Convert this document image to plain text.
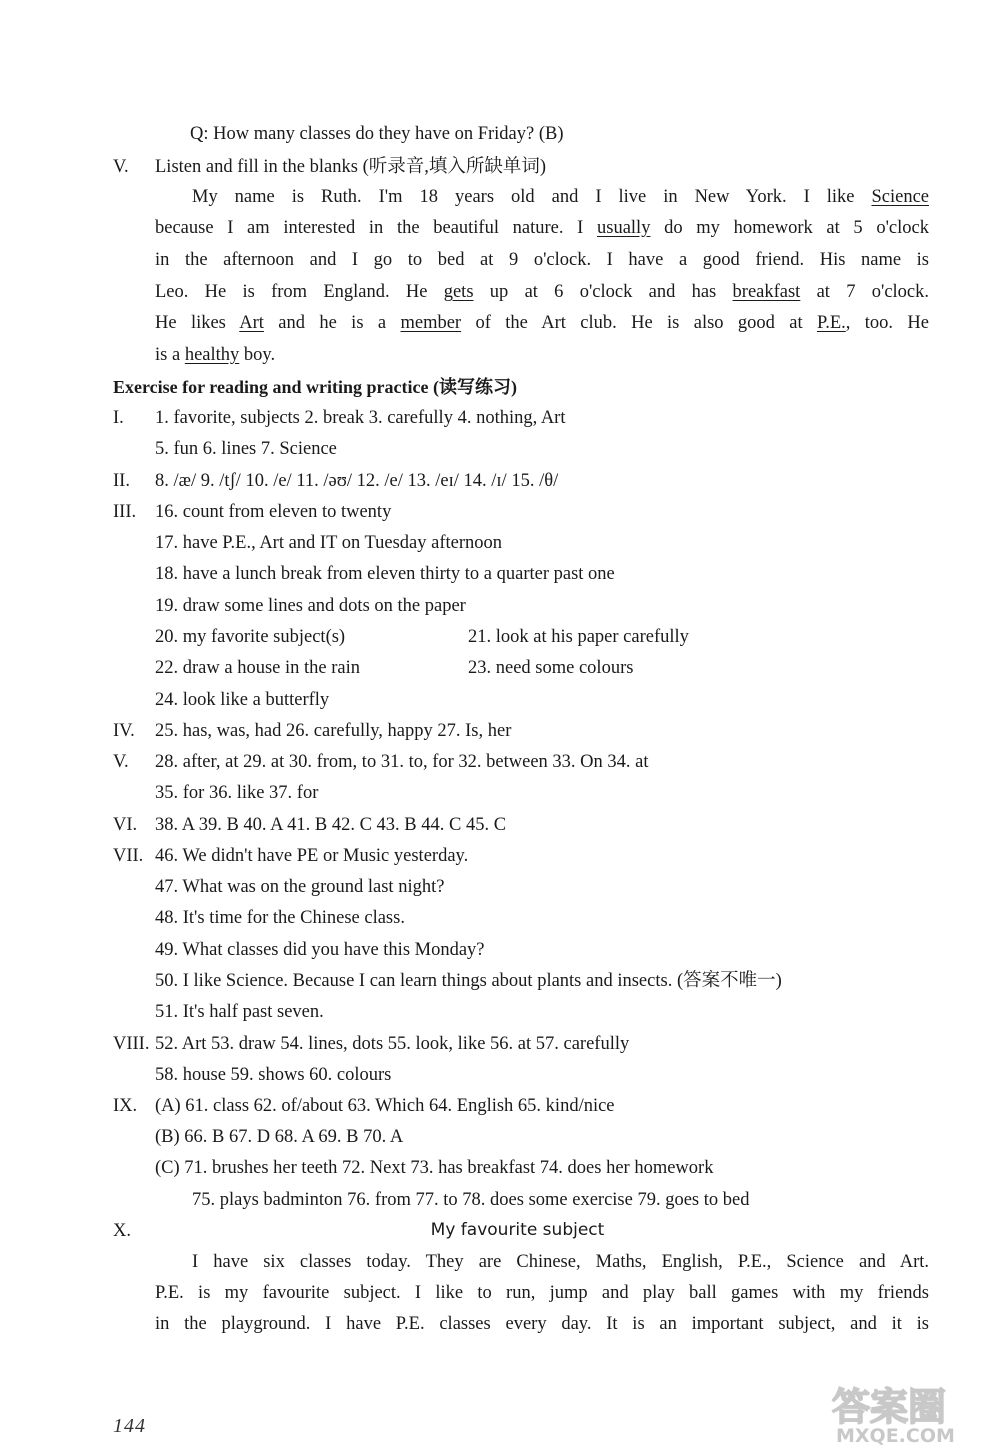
Q: How many classes do they have on Friday? (B)
V. Listen and fill in the blanks (听录音,填入所缺单词)
My name is Ruth. I'm 18 years old and I live in New York. I like Science
because I am interested in the beautiful nature. I usually do my homework at 5 o'clock
in the afternoon and I go to bed at 9 o'clock. I have a good friend. His name is
Leo. He is from England. He gets up at 6 o'clock and has breakfast at 7 o'clock.
He likes Art and he is a member of the Art club. He is also good at P.E., too. He
is a healthy boy.
Exercise for reading and writing practice (读写练习)
I. 1. favorite, subjects 2. break 3. carefully 4. nothing, Art
5. fun 6. lines 7. Science
II. 8. /æ/ 9. /tʃ/ 10. /e/ 11. /əʊ/ 12. /e/ 13. /eɪ/ 14. /ɪ/ 15. /θ/
III. 16. count from eleven to twenty
17. have P.E., Art and IT on Tuesday afternoon
18. have a lunch break from eleven thirty to a quarter past one
19. draw some lines and dots on the paper
20. my favorite subject(s)	21. look at his paper carefully
22. draw a house in the rain	23. need some colours
24. look like a butterfly
IV. 25. has, was, had 26. carefully, happy 27. Is, her
V. 28. after, at 29. at 30. from, to 31. to, for 32. between 33. On 34. at
35. for 36. like 37. for
VI. 38. A 39. B 40. A 41. B 42. C 43. B 44. C 45. C
VII. 46. We didn't have PE or Music yesterday.
47. What was on the ground last night?
48. It's time for the Chinese class.
49. What classes did you have this Monday?
50. I like Science. Because I can learn things about plants and insects. (答案不唯一)
51. It's half past seven.
VIII. 52. Art 53. draw 54. lines, dots 55. look, like 56. at 57. carefully
58. house 59. shows 60. colours
IX. (A) 61. class 62. of/about 63. Which 64. English 65. kind/nice
(B) 66. B 67. D 68. A 69. B 70. A
(C) 71. brushes her teeth 72. Next 73. has breakfast 74. does her homework
75. plays badminton 76. from 77. to 78. does some exercise 79. goes to bed
X.	My favourite subject
I have six classes today. They are Chinese, Maths, English, P.E., Science and Art.
P.E. is my favourite subject. I like to run, jump and play ball games with my friends
in the playground. I have P.E. classes every day. It is an important subject, and it is
144	答案圈
MXQE.COM
